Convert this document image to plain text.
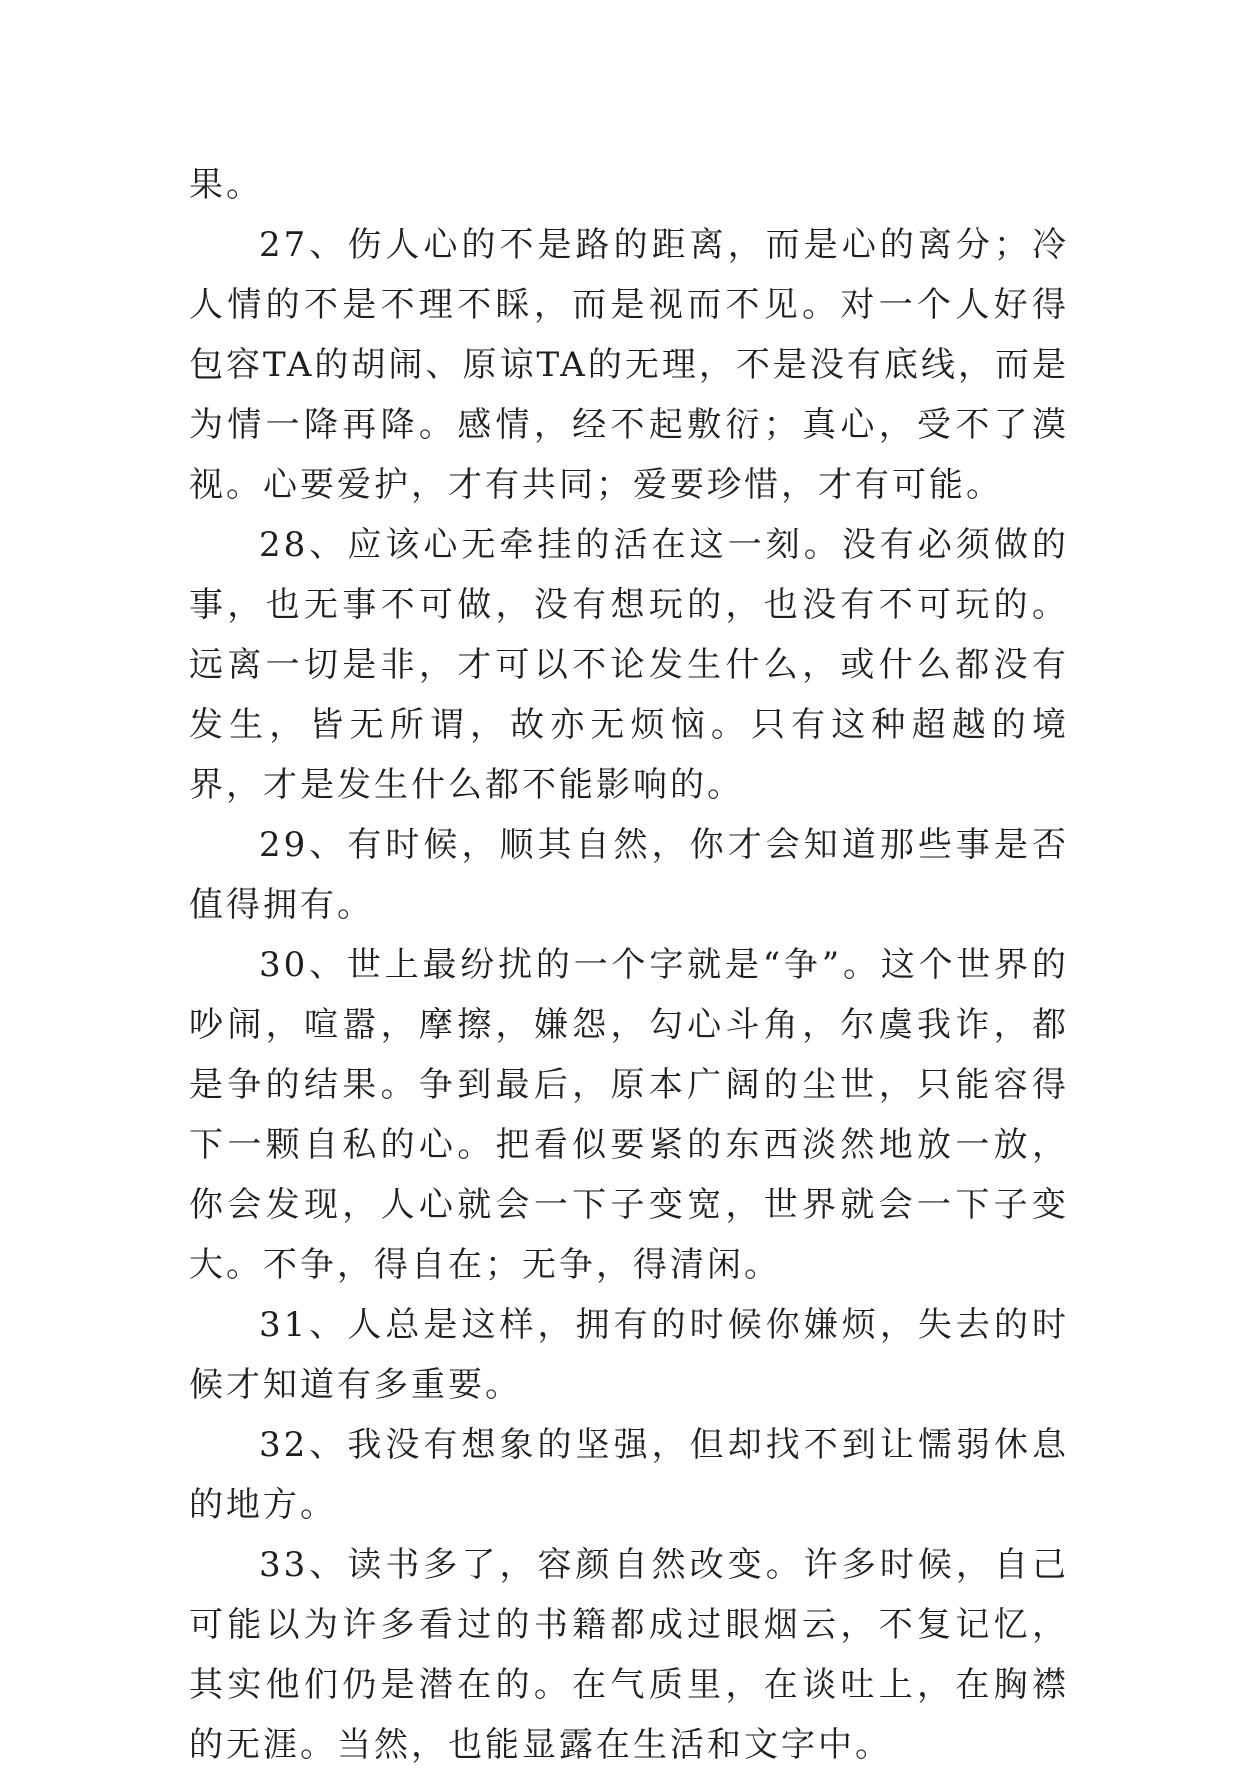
果。

27、伤人心的不是路的距离，而是心的离分；冷人情的不是不理不睬，而是视而不见。对一个人好得包容TA的胡闹、原谅TA的无理，不是没有底线，而是为情一降再降。感情，经不起敷衍；真心，受不了漠视。心要爱护，才有共同；爱要珍惜，才有可能。

28、应该心无牵挂的活在这一刻。没有必须做的事，也无事不可做，没有想玩的，也没有不可玩的。远离一切是非，才可以不论发生什么，或什么都没有发生，皆无所谓，故亦无烦恼。只有这种超越的境界，才是发生什么都不能影响的。

29、有时候，顺其自然，你才会知道那些事是否值得拥有。

30、世上最纷扰的一个字就是“争”。这个世界的吵闹，喧嚣，摩擦，嫌怨，勾心斗角，尔虞我诈，都是争的结果。争到最后，原本广阔的尘世，只能容得下一颗自私的心。把看似要紧的东西淡然地放一放，你会发现，人心就会一下子变宽，世界就会一下子变大。不争，得自在；无争，得清闲。

31、人总是这样，拥有的时候你嫌烦，失去的时候才知道有多重要。

32、我没有想象的坚强，但却找不到让懦弱休息的地方。

33、读书多了，容颜自然改变。许多时候，自己可能以为许多看过的书籍都成过眼烟云，不复记忆，其实他们仍是潜在的。在气质里，在谈吐上，在胸襟的无涯。当然，也能显露在生活和文字中。
